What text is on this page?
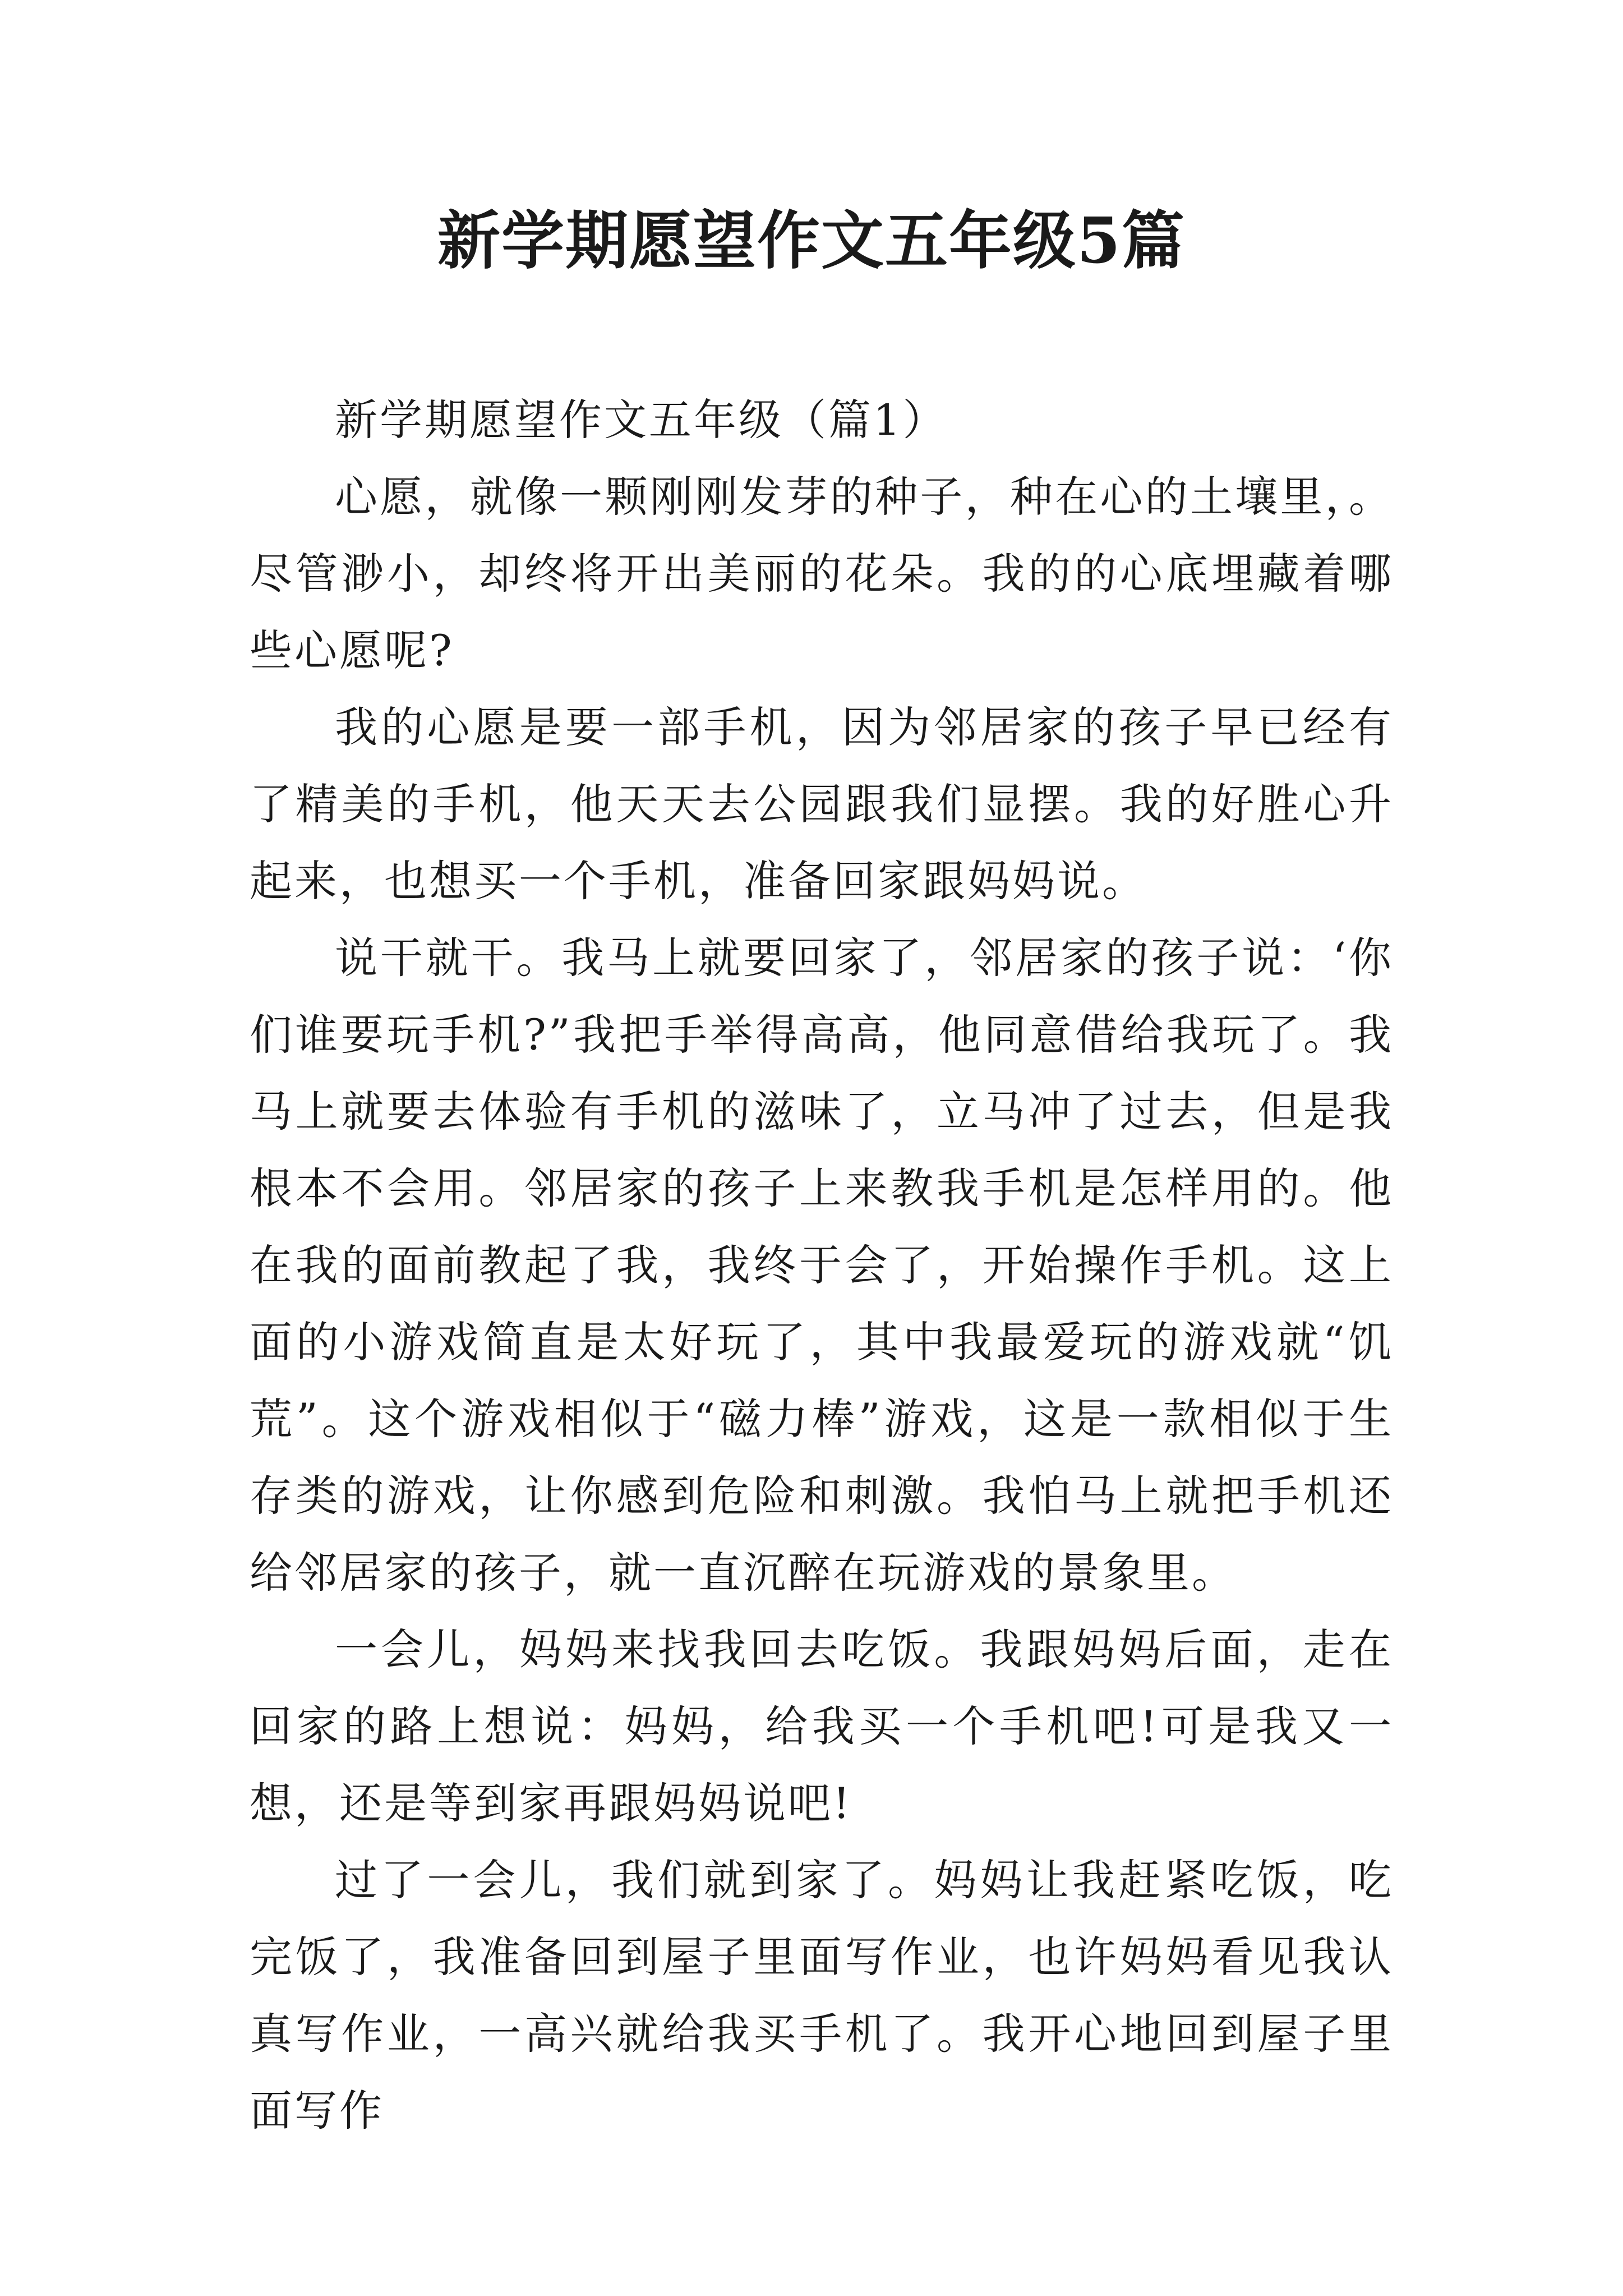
新学期愿望作文五年级5篇

新学期愿望作文五年级（篇1）

心愿，就像一颗刚刚发芽的种子，种在心的土壤里，。尽管渺小，却终将开出美丽的花朵。我的的心底埋藏着哪些心愿呢?

我的心愿是要一部手机，因为邻居家的孩子早已经有了精美的手机，他天天去公园跟我们显摆。我的好胜心升起来，也想买一个手机，准备回家跟妈妈说。

说干就干。我马上就要回家了，邻居家的孩子说：‘你们谁要玩手机?”我把手举得高高，他同意借给我玩了。我马上就要去体验有手机的滋味了，立马冲了过去，但是我根本不会用。邻居家的孩子上来教我手机是怎样用的。他在我的面前教起了我，我终于会了，开始操作手机。这上面的小游戏简直是太好玩了，其中我最爱玩的游戏就“饥荒”。这个游戏相似于“磁力棒”游戏，这是一款相似于生存类的游戏，让你感到危险和刺激。我怕马上就把手机还给邻居家的孩子，就一直沉醉在玩游戏的景象里。

一会儿，妈妈来找我回去吃饭。我跟妈妈后面，走在回家的路上想说：妈妈，给我买一个手机吧!可是我又一想，还是等到家再跟妈妈说吧!

过了一会儿，我们就到家了。妈妈让我赶紧吃饭，吃完饭了，我准备回到屋子里面写作业，也许妈妈看见我认真写作业，一高兴就给我买手机了。我开心地回到屋子里面写作
